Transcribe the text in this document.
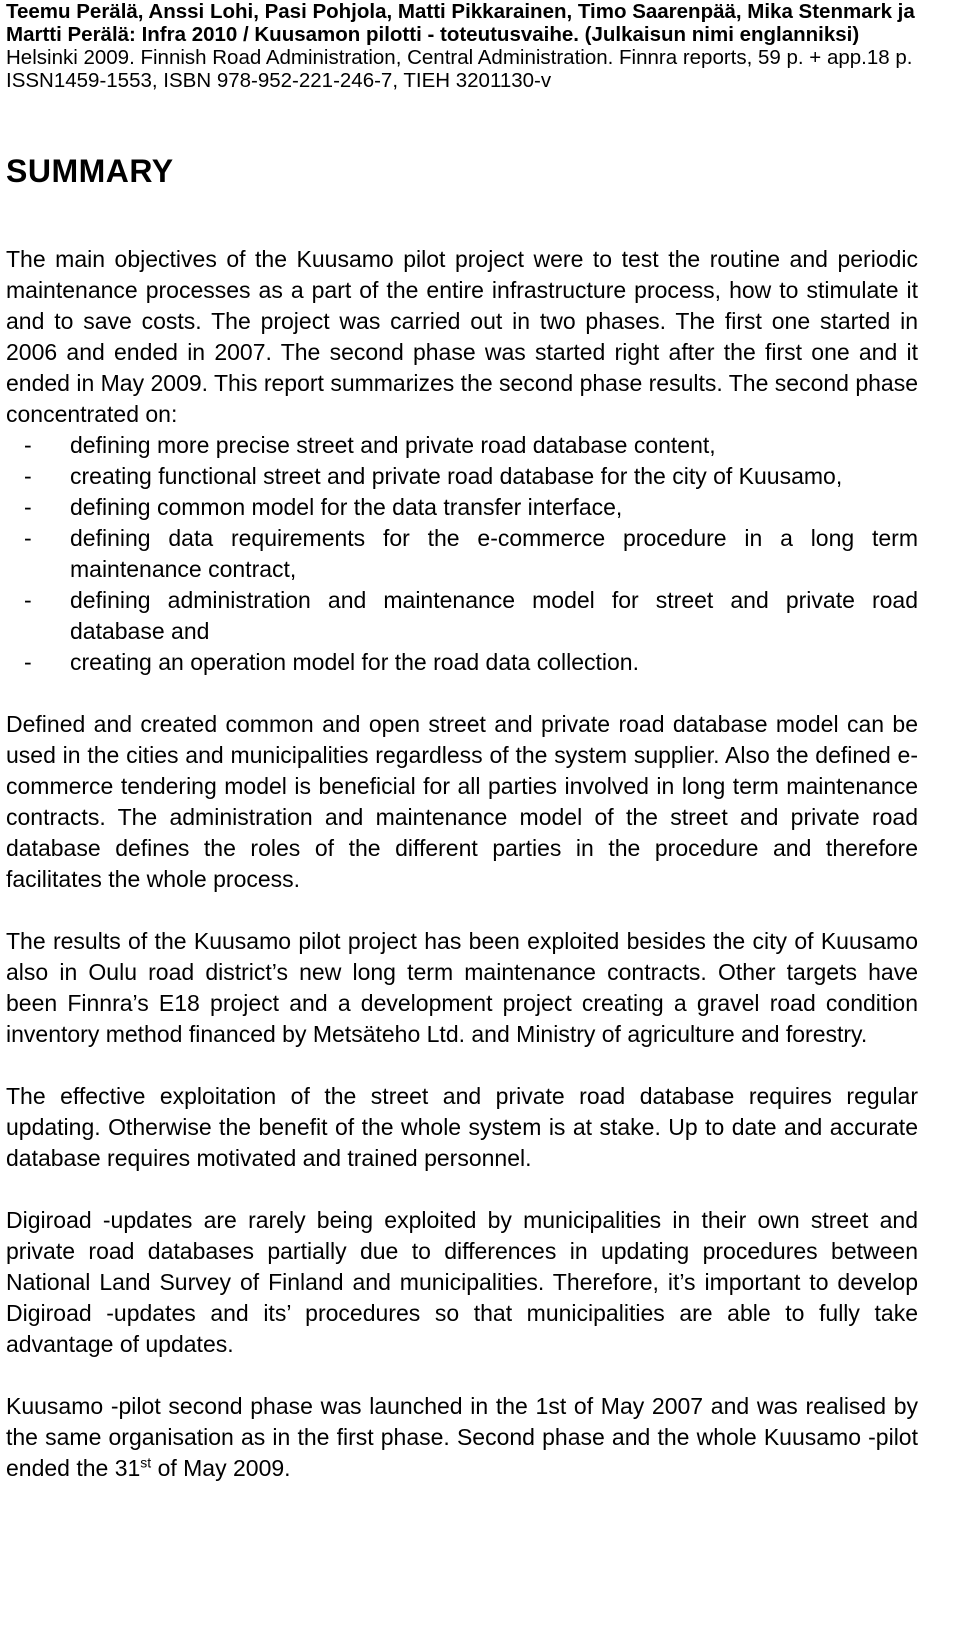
Teemu Perälä, Anssi Lohi, Pasi Pohjola, Matti Pikkarainen, Timo Saarenpää, Mika Stenmark ja Martti Perälä: Infra 2010 / Kuusamon pilotti - toteutusvaihe. (Julkaisun nimi englanniksi) Helsinki 2009. Finnish Road Administration, Central Administration. Finnra reports, 59 p. + app.18 p. ISSN1459-1553, ISBN 978-952-221-246-7, TIEH 3201130-v

SUMMARY

The main objectives of the Kuusamo pilot project were to test the routine and periodic maintenance processes as a part of the entire infrastructure process, how to stimulate it and to save costs. The project was carried out in two phases. The first one started in 2006 and ended in 2007. The second phase was started right after the first one and it ended in May 2009. This report summarizes the second phase results. The second phase concentrated on:

- defining more precise street and private road database content,
- creating functional street and private road database for the city of Kuusamo,
- defining common model for the data transfer interface,
- defining data requirements for the e-commerce procedure in a long term maintenance contract,
- defining administration and maintenance model for street and private road database and
- creating an operation model for the road data collection.

Defined and created common and open street and private road database model can be used in the cities and municipalities regardless of the system supplier. Also the defined e-commerce tendering model is beneficial for all parties involved in long term maintenance contracts. The administration and maintenance model of the street and private road database defines the roles of the different parties in the procedure and therefore facilitates the whole process.

The results of the Kuusamo pilot project has been exploited besides the city of Kuusamo also in Oulu road district’s new long term maintenance contracts. Other targets have been Finnra’s E18 project and a development project creating a gravel road condition inventory method financed by Metsäteho Ltd. and Ministry of agriculture and forestry.

The effective exploitation of the street and private road database requires regular updating. Otherwise the benefit of the whole system is at stake. Up to date and accurate database requires motivated and trained personnel.

Digiroad -updates are rarely being exploited by municipalities in their own street and private road databases partially due to differences in updating procedures between National Land Survey of Finland and municipalities. Therefore, it’s important to develop Digiroad -updates and its’ procedures so that municipalities are able to fully take advantage of updates.

Kuusamo -pilot second phase was launched in the 1st of May 2007 and was realised by the same organisation as in the first phase. Second phase and the whole Kuusamo -pilot ended the 31st of May 2009.
